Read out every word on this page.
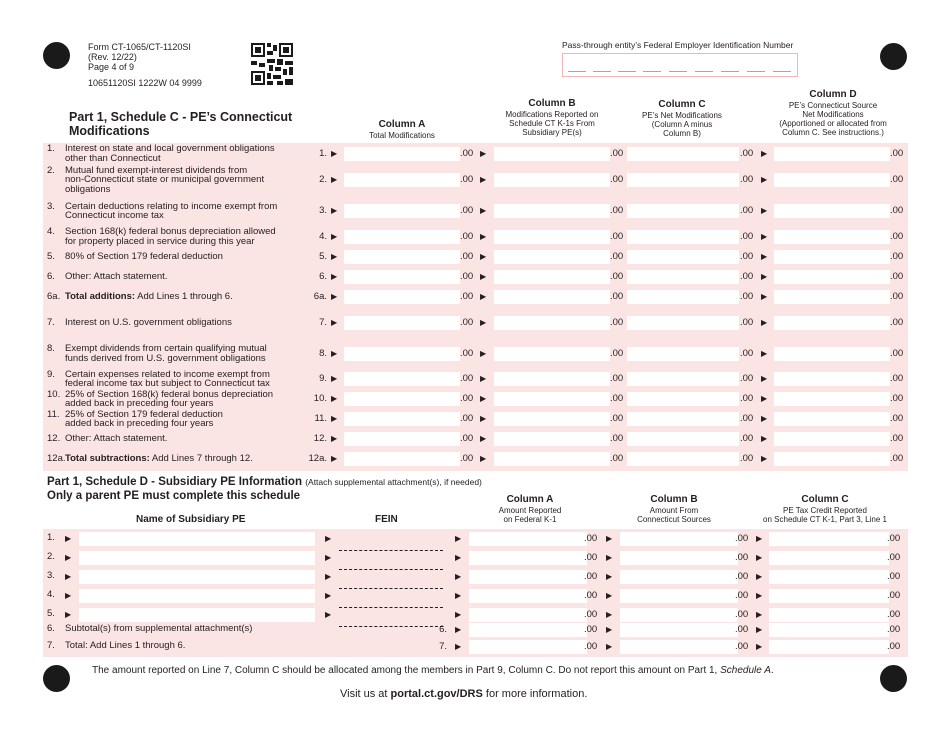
Form CT-1065/CT-1120SI
(Rev. 12/22)
Page 4 of 9
10651120SI 1222W 04 9999
Pass-through entity’s Federal Employer Identification Number
Part 1, Schedule C - PE’s Connecticut
Modifications	Column A
Total Modifications
Column B
Modifications Reported on
Schedule CT K-1s From
Subsidiary PE(s)
Column C
PE’s Net Modifications
(Column A minus
Column B)
Column D
PE’s Connecticut Source
Net Modifications
(Apportioned or allocated from
Column C. See instructions.)
1. Interest on state and local government obligations
other than Connecticut	1. ▶	.00 ▶	.00	.00 ▶	.00
2. Mutual fund exempt-interest dividends from
non-Connecticut state or municipal government
obligations
2. ▶	.00 ▶	.00	.00 ▶	.00
3. Certain deductions relating to income exempt from
Connecticut income tax	3. ▶	.00 ▶	.00	.00 ▶	.00
4. Section 168(k) federal bonus depreciation allowed
for property placed in service during this year	4. ▶	.00 ▶	.00	.00 ▶	.00
5. 80% of Section 179 federal deduction	5. ▶	.00 ▶	.00	.00 ▶	.00
6. Other: Attach statement.	6. ▶	.00 ▶	.00	.00 ▶	.00
6a. Total additions: Add Lines 1 through 6.	6a. ▶	.00 ▶	.00	.00 ▶	.00
7. Interest on U.S. government obligations	7. ▶	.00 ▶	.00	.00 ▶	.00
8. Exempt dividends from certain qualifying mutual
funds derived from U.S. government obligations	8. ▶	.00 ▶	.00	.00 ▶	.00
9. Certain expenses related to income exempt from
federal income tax but subject to Connecticut tax	9. ▶	.00 ▶	.00	.00 ▶	.00
10. 25% of Section 168(k) federal bonus depreciation
added back in preceding four years	10. ▶	.00 ▶	.00	.00 ▶	.00
11. 25% of Section 179 federal deduction
added back in preceding four years	11. ▶	.00 ▶	.00	.00 ▶	.00
12. Other: Attach statement.	12. ▶	.00 ▶	.00	.00 ▶	.00
12a.Total subtractions: Add Lines 7 through 12.	12a. ▶	.00 ▶	.00	.00 ▶	.00
Part 1, Schedule D - Subsidiary PE Information (Attach supplemental attachment(s), if needed)
Only a parent PE must complete this schedule
Name of Subsidiary PE	FEIN
Column A
Amount Reported
on Federal K-1
Column B
Amount From
Connecticut Sources
Column C
PE Tax Credit Reported
on Schedule CT K-1, Part 3, Line 1
1. ▶	▶	▶	.00 ▶	.00 ▶	.00
2. ▶	▶	▶	.00 ▶	.00 ▶	.00
3. ▶	▶	▶	.00 ▶	.00 ▶	.00
4. ▶	▶	▶	.00 ▶	.00 ▶	.00
5. ▶	▶	▶	.00 ▶	.00 ▶	.00
6. Subtotal(s) from supplemental attachment(s)	6. ▶	.00 ▶	.00 ▶	.00
7. Total: Add Lines 1 through 6.	7. ▶	.00 ▶	.00 ▶	.00
The amount reported on Line 7, Column C should be allocated among the members in Part 9, Column C. Do not report this amount on Part 1, Schedule A.
Visit us at portal.ct.gov/DRS for more information.
